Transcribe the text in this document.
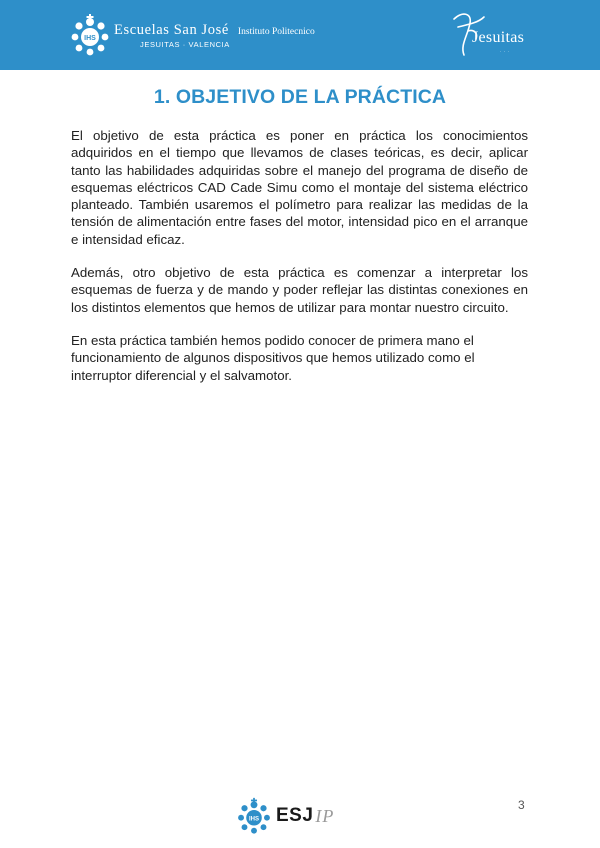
IHS
Escuelas San José Instituto Politecnico
JESUITAS · VALENCIA	Jesuitas
· · ·
1. OBJETIVO DE LA PRÁCTICA

El objetivo de esta práctica es poner en práctica los conocimientos adquiridos en el tiempo que llevamos de clases teóricas, es decir, aplicar tanto las habilidades adquiridas sobre el manejo del programa de diseño de esquemas eléctricos CAD Cade Simu como el montaje del sistema eléctrico planteado. También usaremos el polímetro para realizar las medidas de la tensión de alimentación entre fases del motor, intensidad pico en el arranque e intensidad eficaz.

Además, otro objetivo de esta práctica es comenzar a interpretar los esquemas de fuerza y de mando y poder reflejar las distintas conexiones en los distintos elementos que hemos de utilizar para montar nuestro circuito.

En esta práctica también hemos podido conocer de primera mano el funcionamiento de algunos dispositivos que hemos utilizado como el interruptor diferencial y el salvamotor.

IHS ESJ IP
3
